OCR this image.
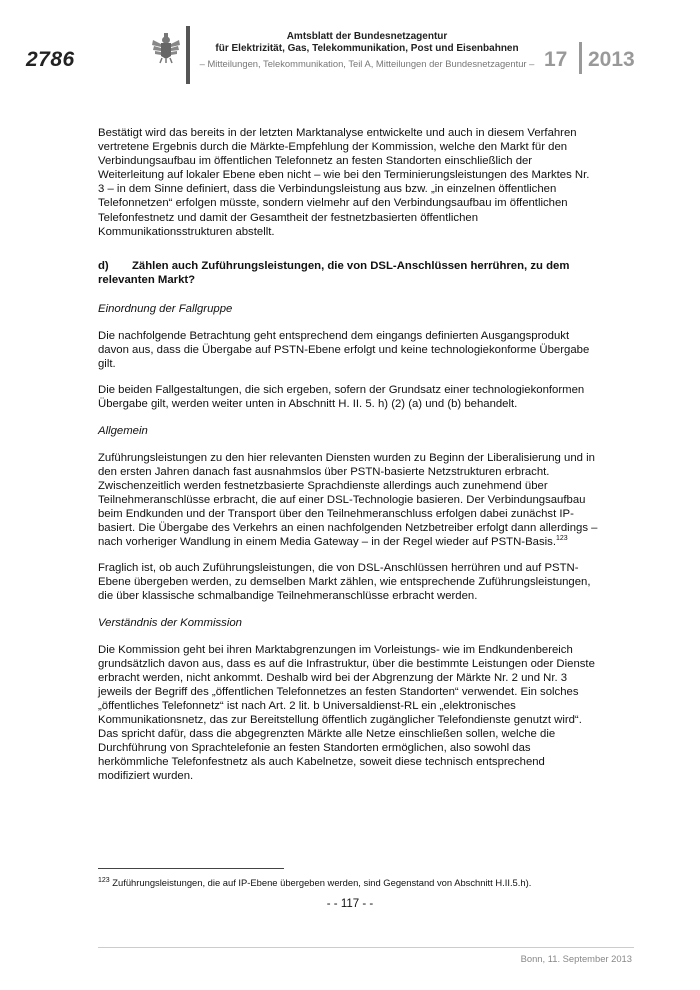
2786
Amtsblatt der Bundesnetzagentur
für Elektrizität, Gas, Telekommunikation, Post und Eisenbahnen
– Mitteilungen, Telekommunikation, Teil A, Mitteilungen der Bundesnetzagentur – 17 2013

Bestätigt wird das bereits in der letzten Marktanalyse entwickelte und auch in diesem Verfahren vertretene Ergebnis durch die Märkte-Empfehlung der Kommission, welche den Markt für den Verbindungsaufbau im öffentlichen Telefonnetz an festen Standorten einschließlich der Weiterleitung auf lokaler Ebene eben nicht – wie bei den Terminierungsleistungen des Marktes Nr. 3 – in dem Sinne definiert, dass die Verbindungsleistung aus bzw. „in einzelnen öffentlichen Telefonnetzen“ erfolgen müsste, sondern vielmehr auf den Verbindungsaufbau im öffentlichen Telefonfestnetz und damit der Gesamtheit der festnetzbasierten öffentlichen Kommunikationsstrukturen abstellt.

d) Zählen auch Zuführungsleistungen, die von DSL-Anschlüssen herrühren, zu dem relevanten Markt?

Einordnung der Fallgruppe

Die nachfolgende Betrachtung geht entsprechend dem eingangs definierten Ausgangsprodukt davon aus, dass die Übergabe auf PSTN-Ebene erfolgt und keine technologiekonforme Übergabe gilt.

Die beiden Fallgestaltungen, die sich ergeben, sofern der Grundsatz einer technologiekonformen Übergabe gilt, werden weiter unten in Abschnitt H. II. 5. h) (2) (a) und (b) behandelt.

Allgemein

Zuführungsleistungen zu den hier relevanten Diensten wurden zu Beginn der Liberalisierung und in den ersten Jahren danach fast ausnahmslos über PSTN-basierte Netzstrukturen erbracht. Zwischenzeitlich werden festnetzbasierte Sprachdienste allerdings auch zunehmend über Teilnehmeranschlüsse erbracht, die auf einer DSL-Technologie basieren. Der Verbindungsaufbau beim Endkunden und der Transport über den Teilnehmeranschluss erfolgen dabei zunächst IP-basiert. Die Übergabe des Verkehrs an einen nachfolgenden Netzbetreiber erfolgt dann allerdings – nach vorheriger Wandlung in einem Media Gateway – in der Regel wieder auf PSTN-Basis.$^{123}$

Fraglich ist, ob auch Zuführungsleistungen, die von DSL-Anschlüssen herrühren und auf PSTN-Ebene übergeben werden, zu demselben Markt zählen, wie entsprechende Zuführungsleistungen, die über klassische schmalbandige Teilnehmeranschlüsse erbracht werden.

Verständnis der Kommission

Die Kommission geht bei ihren Marktabgrenzungen im Vorleistungs- wie im Endkundenbereich grundsätzlich davon aus, dass es auf die Infrastruktur, über die bestimmte Leistungen oder Dienste erbracht werden, nicht ankommt. Deshalb wird bei der Abgrenzung der Märkte Nr. 2 und Nr. 3 jeweils der Begriff des „öffentlichen Telefonnetzes an festen Standorten“ verwendet. Ein solches „öffentliches Telefonnetz“ ist nach Art. 2 lit. b Universaldienst-RL ein „elektronisches Kommunikationsnetz, das zur Bereitstellung öffentlich zugänglicher Telefondienste genutzt wird“. Das spricht dafür, dass die abgegrenzten Märkte alle Netze einschließen sollen, welche die Durchführung von Sprachtelefonie an festen Standorten ermöglichen, also sowohl das herkömmliche Telefonfestnetz als auch Kabelnetze, soweit diese technisch entsprechend modifiziert wurden.

$^{123}$ Zuführungsleistungen, die auf IP-Ebene übergeben werden, sind Gegenstand von Abschnitt H.II.5.h).
- - 117 - -
Bonn, 11. September 2013
